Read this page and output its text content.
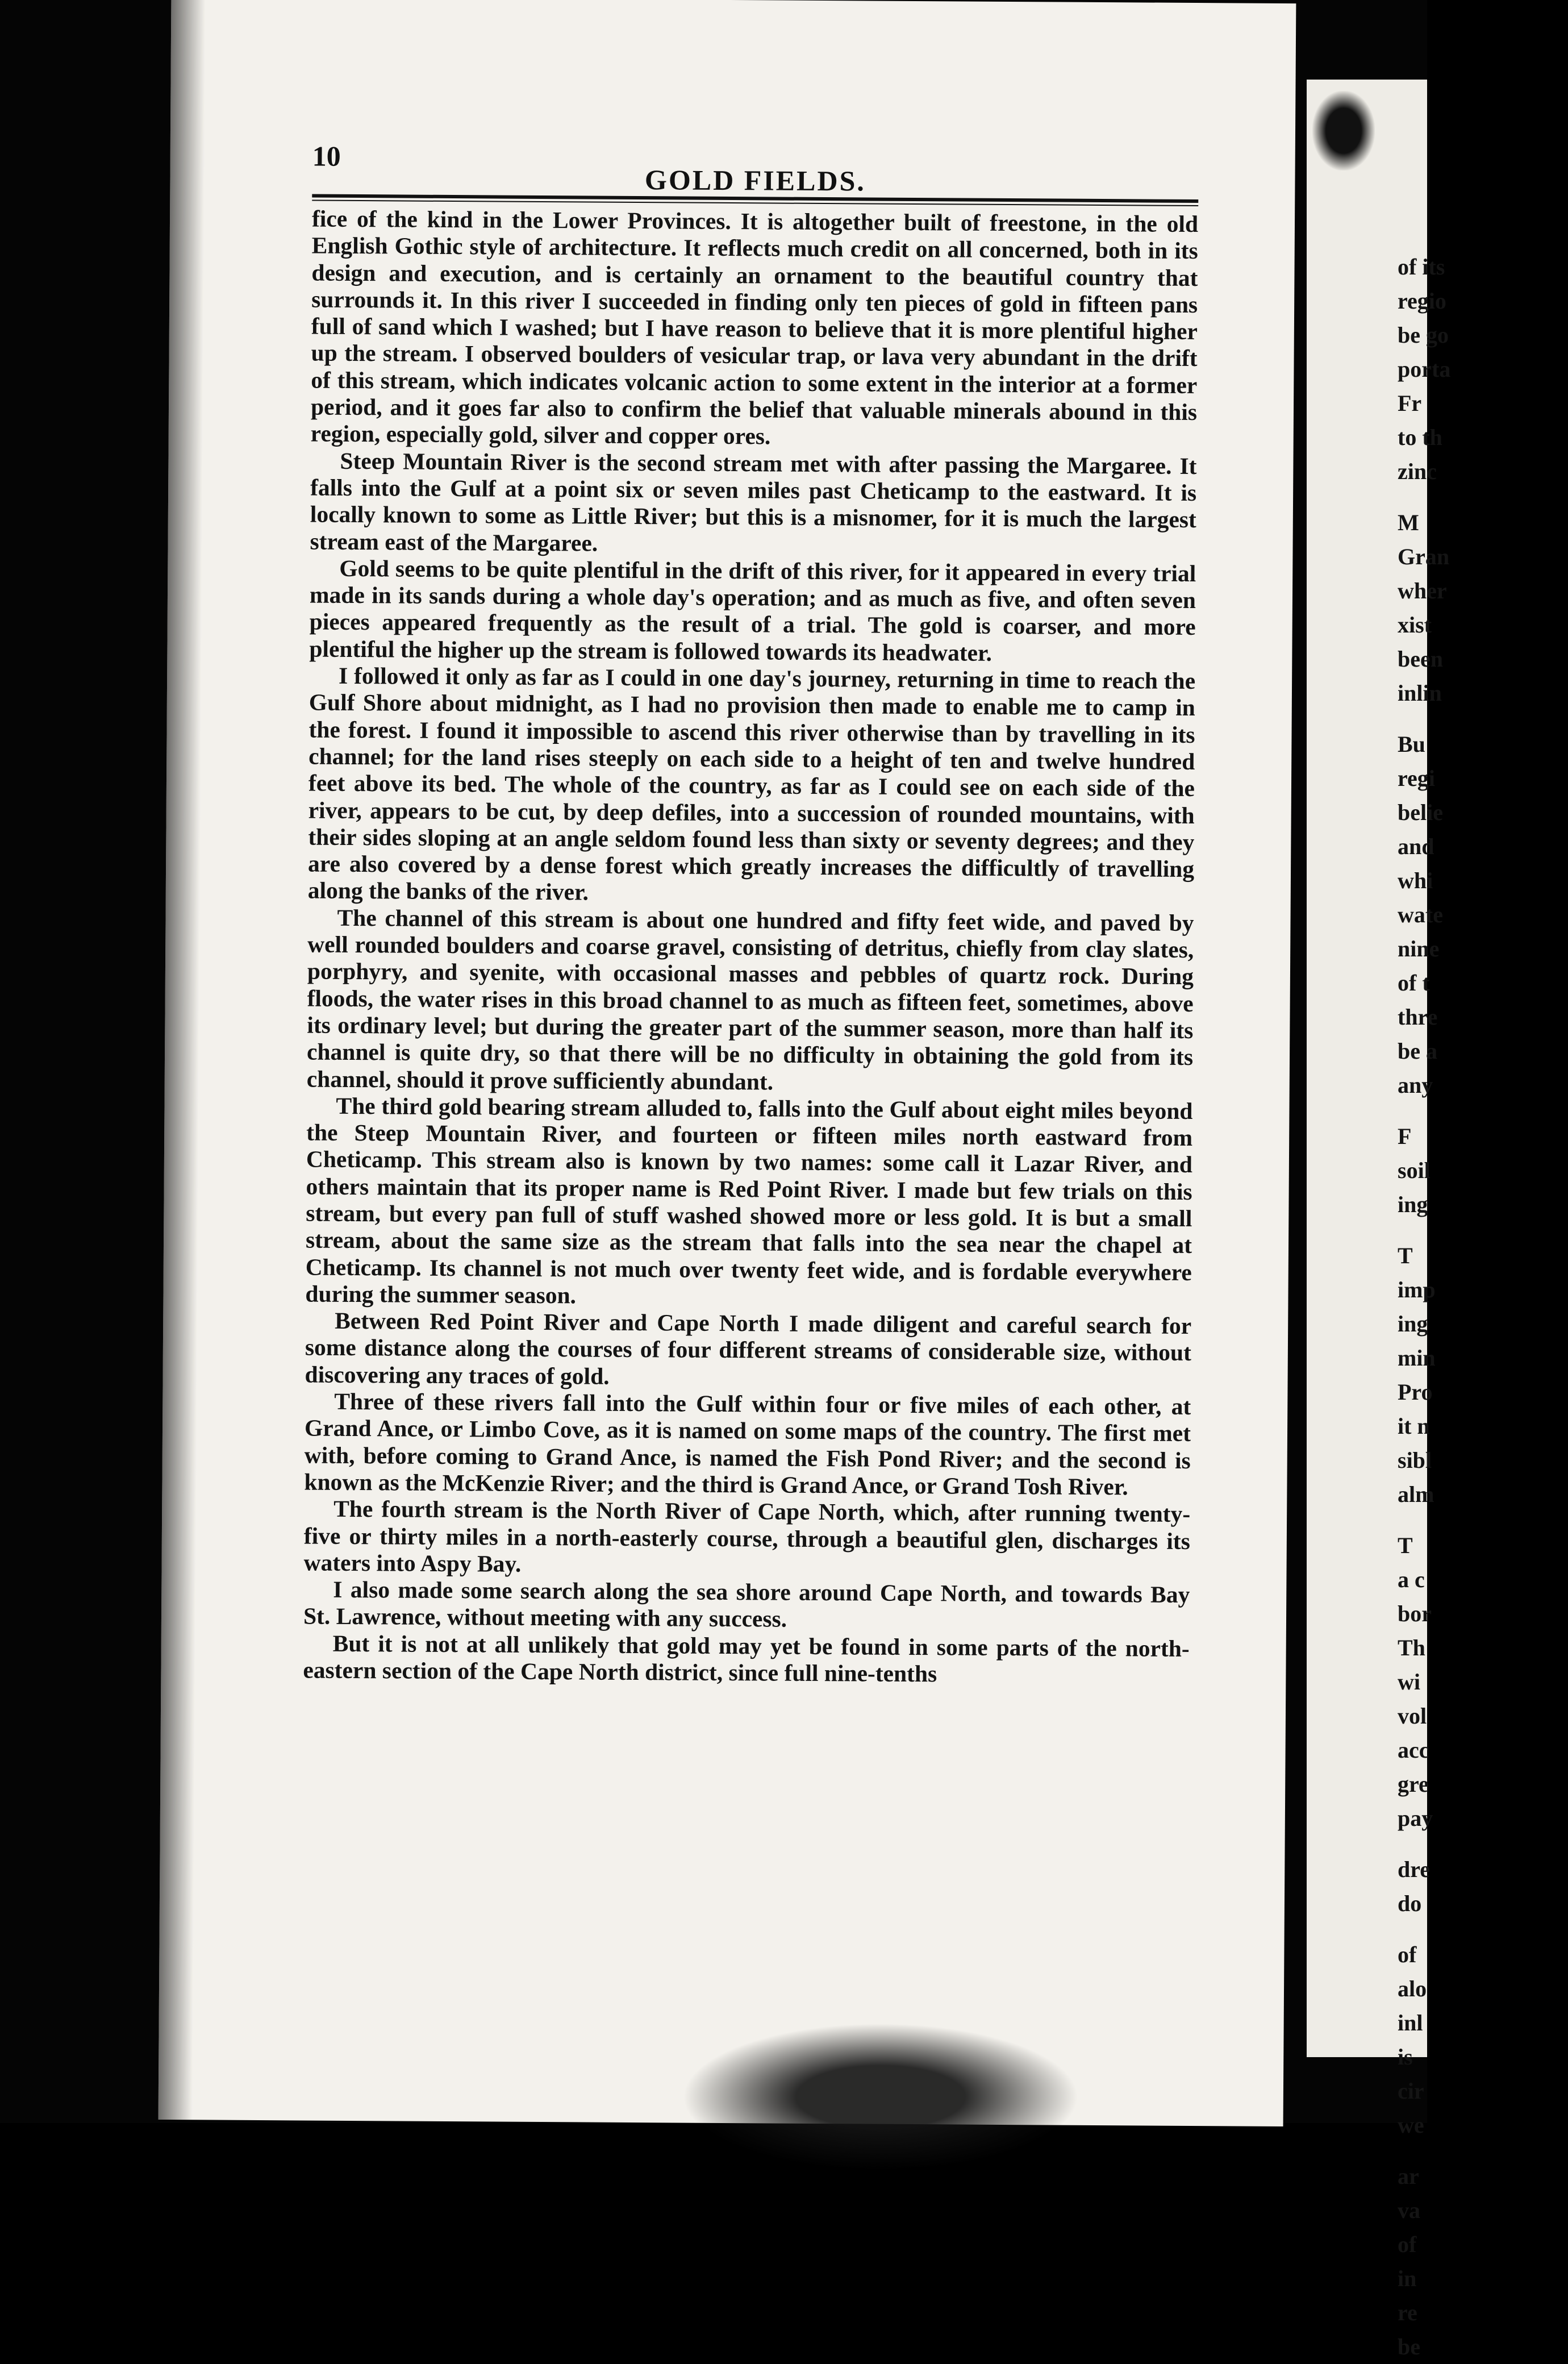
of its
regio
be go
porta
Fr
to th
zinc
M
Gran
wher
xist
been
inlin
Bu
regi
belie
and
whi
wate
nine
of t
thre
be a
any
F
soil
ing
T
imp
ing
min
Pro
it n
sibl
alm
T
a c
bor
Th
wi
vol
acc
gre
pay
dre
do
of
alo
inl
is
cir
we
ar
va
of
in
re
be
10
GOLD FIELDS.

fice of the kind in the Lower Provinces. It is altogether built of freestone, in the old English Gothic style of architecture. It reflects much credit on all concerned, both in its design and execution, and is certainly an ornament to the beautiful country that surrounds it. In this river I succeeded in finding only ten pieces of gold in fifteen pans full of sand which I washed; but I have reason to believe that it is more plentiful higher up the stream. I observed boulders of vesicular trap, or lava very abundant in the drift of this stream, which indicates volcanic action to some extent in the interior at a former period, and it goes far also to confirm the belief that valuable minerals abound in this region, especially gold, silver and copper ores.

Steep Mountain River is the second stream met with after passing the Margaree. It falls into the Gulf at a point six or seven miles past Cheticamp to the eastward. It is locally known to some as Little River; but this is a misnomer, for it is much the largest stream east of the Margaree.

Gold seems to be quite plentiful in the drift of this river, for it appeared in every trial made in its sands during a whole day's operation; and as much as five, and often seven pieces appeared frequently as the result of a trial. The gold is coarser, and more plentiful the higher up the stream is followed towards its headwater.

I followed it only as far as I could in one day's journey, returning in time to reach the Gulf Shore about midnight, as I had no provision then made to enable me to camp in the forest. I found it impossible to ascend this river otherwise than by travelling in its channel; for the land rises steeply on each side to a height of ten and twelve hundred feet above its bed. The whole of the country, as far as I could see on each side of the river, appears to be cut, by deep defiles, into a succession of rounded mountains, with their sides sloping at an angle seldom found less than sixty or seventy degrees; and they are also covered by a dense forest which greatly increases the difficultly of travelling along the banks of the river.

The channel of this stream is about one hundred and fifty feet wide, and paved by well rounded boulders and coarse gravel, consisting of detritus, chiefly from clay slates, porphyry, and syenite, with occasional masses and pebbles of quartz rock. During floods, the water rises in this broad channel to as much as fifteen feet, sometimes, above its ordinary level; but during the greater part of the summer season, more than half its channel is quite dry, so that there will be no difficulty in obtaining the gold from its channel, should it prove sufficiently abundant.

The third gold bearing stream alluded to, falls into the Gulf about eight miles beyond the Steep Mountain River, and fourteen or fifteen miles north eastward from Cheticamp. This stream also is known by two names: some call it Lazar River, and others maintain that its proper name is Red Point River. I made but few trials on this stream, but every pan full of stuff washed showed more or less gold. It is but a small stream, about the same size as the stream that falls into the sea near the chapel at Cheticamp. Its channel is not much over twenty feet wide, and is fordable everywhere during the summer season.

Between Red Point River and Cape North I made diligent and careful search for some distance along the courses of four different streams of considerable size, without discovering any traces of gold.

Three of these rivers fall into the Gulf within four or five miles of each other, at Grand Ance, or Limbo Cove, as it is named on some maps of the country. The first met with, before coming to Grand Ance, is named the Fish Pond River; and the second is known as the McKenzie River; and the third is Grand Ance, or Grand Tosh River.

The fourth stream is the North River of Cape North, which, after running twenty-five or thirty miles in a north-easterly course, through a beautiful glen, discharges its waters into Aspy Bay.

I also made some search along the sea shore around Cape North, and towards Bay St. Lawrence, without meeting with any success.

But it is not at all unlikely that gold may yet be found in some parts of the north-eastern section of the Cape North district, since full nine-tenths
